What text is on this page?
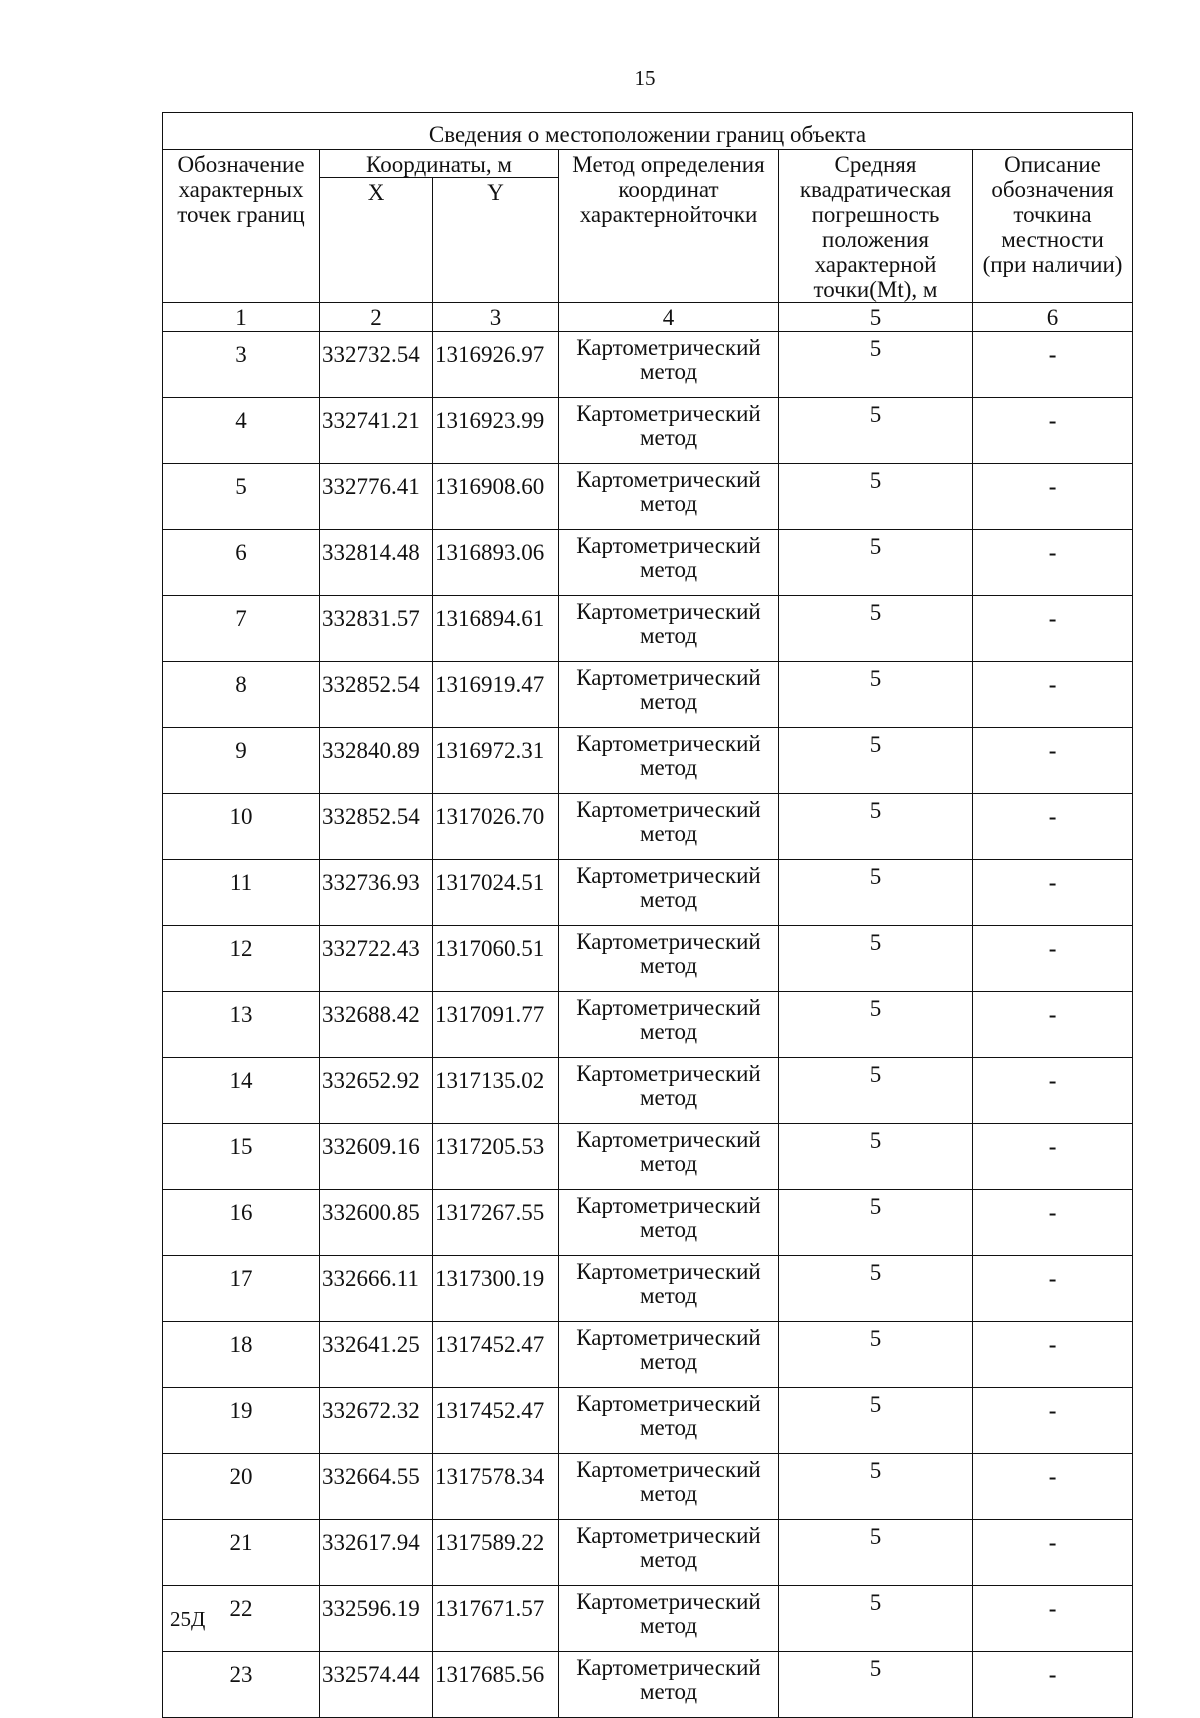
15
Сведения о местоположении границ объекта					
Обозначение характерных точек границ	Координаты, м		Метод определения координат характернойточки	Средняя квадратическая погрешность положения характерной точки(Mt), м	Описание обозначения точкина местности (при наличии)
	X	Y			
1	2	3	4	5	6
3	332732.54	1316926.97	Картометрический метод	5	-
4	332741.21	1316923.99	Картометрический метод	5	-
5	332776.41	1316908.60	Картометрический метод	5	-
6	332814.48	1316893.06	Картометрический метод	5	-
7	332831.57	1316894.61	Картометрический метод	5	-
8	332852.54	1316919.47	Картометрический метод	5	-
9	332840.89	1316972.31	Картометрический метод	5	-
10	332852.54	1317026.70	Картометрический метод	5	-
11	332736.93	1317024.51	Картометрический метод	5	-
12	332722.43	1317060.51	Картометрический метод	5	-
13	332688.42	1317091.77	Картометрический метод	5	-
14	332652.92	1317135.02	Картометрический метод	5	-
15	332609.16	1317205.53	Картометрический метод	5	-
16	332600.85	1317267.55	Картометрический метод	5	-
17	332666.11	1317300.19	Картометрический метод	5	-
18	332641.25	1317452.47	Картометрический метод	5	-
19	332672.32	1317452.47	Картометрический метод	5	-
20	332664.55	1317578.34	Картометрический метод	5	-
21	332617.94	1317589.22	Картометрический метод	5	-
22	332596.19	1317671.57	Картометрический метод	5	-
23	332574.44	1317685.56	Картометрический метод	5	-
25Д
